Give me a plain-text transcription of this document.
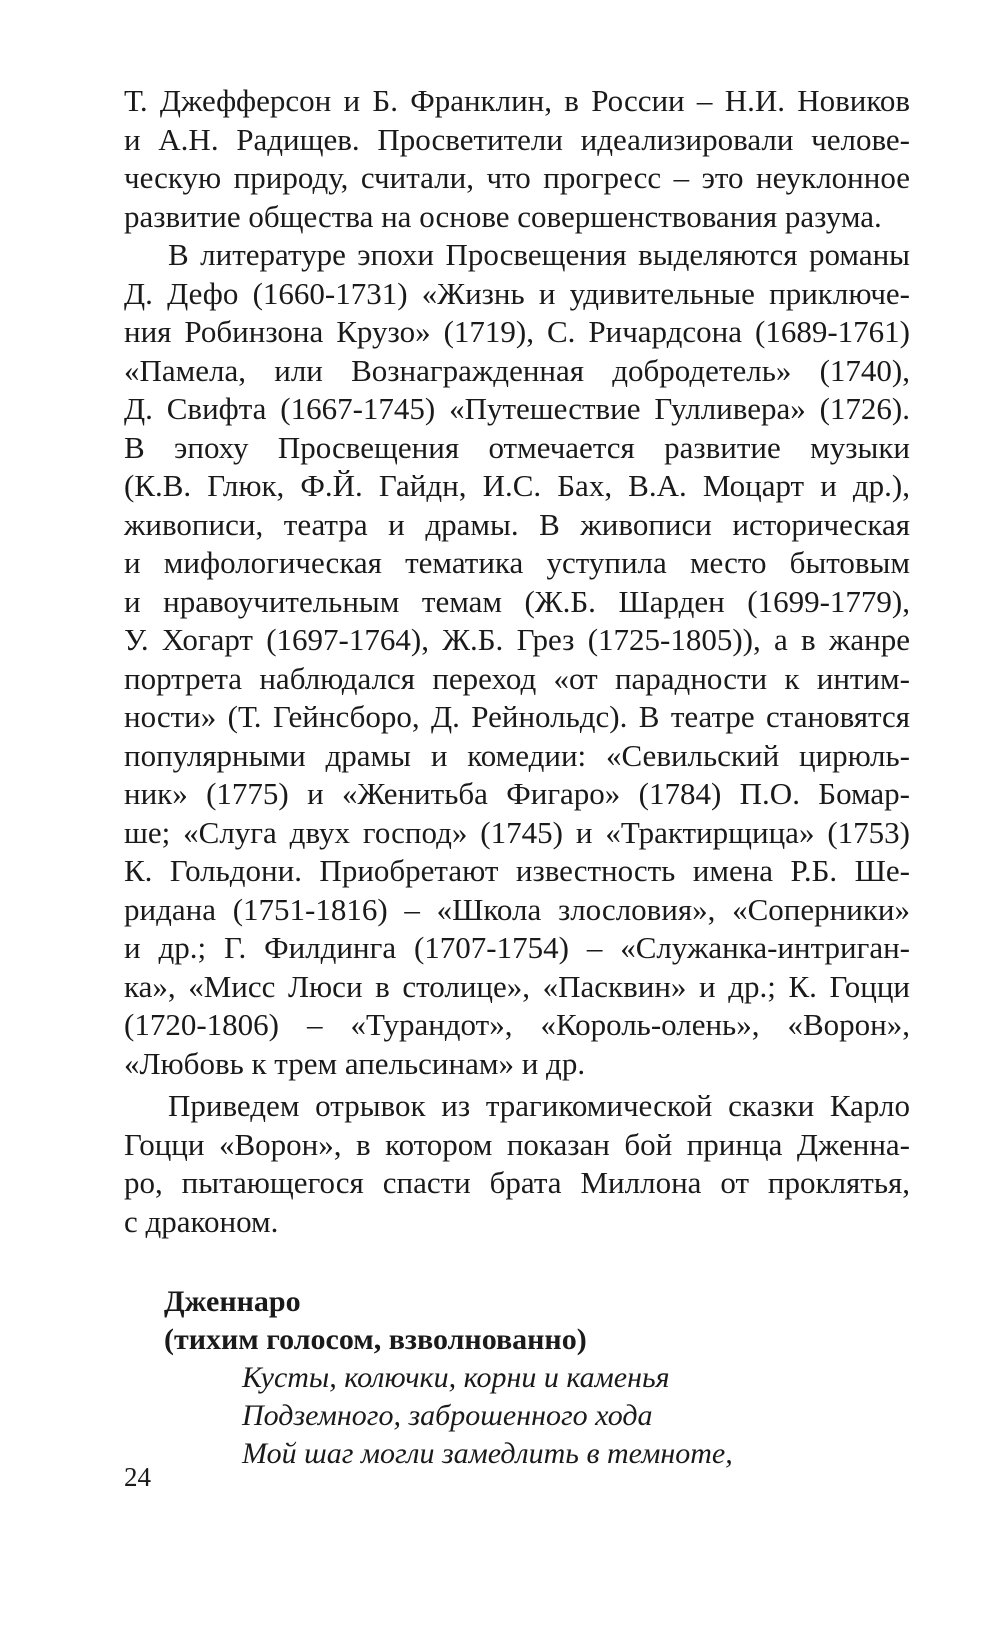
Т. Джефферсон и Б. Франклин, в России – Н.И. Новиков
и А.Н. Радищев. Просветители идеализировали челове-
ческую природу, считали, что прогресс – это неуклонное
развитие общества на основе совершенствования разума.
В литературе эпохи Просвещения выделяются романы
Д. Дефо (1660-1731) «Жизнь и удивительные приключе-
ния Робинзона Крузо» (1719), С. Ричардсона (1689-1761)
«Памела, или Вознагражденная добродетель» (1740),
Д. Свифта (1667-1745) «Путешествие Гулливера» (1726).
В эпоху Просвещения отмечается развитие музыки
(К.В. Глюк, Ф.Й. Гайдн, И.С. Бах, В.А. Моцарт и др.),
живописи, театра и драмы. В живописи историческая
и мифологическая тематика уступила место бытовым
и нравоучительным темам (Ж.Б. Шарден (1699-1779),
У. Хогарт (1697-1764), Ж.Б. Грез (1725-1805)), а в жанре
портрета наблюдался переход «от парадности к интим-
ности» (Т. Гейнсборо, Д. Рейнольдс). В театре становятся
популярными драмы и комедии: «Севильский цирюль-
ник» (1775) и «Женитьба Фигаро» (1784) П.О. Бомар-
ше; «Слуга двух господ» (1745) и «Трактирщица» (1753)
К. Гольдони. Приобретают известность имена Р.Б. Ше-
ридана (1751-1816) – «Школа злословия», «Соперники»
и др.; Г. Филдинга (1707-1754) – «Служанка-интриган-
ка», «Мисс Люси в столице», «Пасквин» и др.; К. Гоцци
(1720-1806) – «Турандот», «Король-олень», «Ворон»,
«Любовь к трем апельсинам» и др.
Приведем отрывок из трагикомической сказки Карло
Гоцци «Ворон», в котором показан бой принца Дженна-
ро, пытающегося спасти брата Миллона от проклятья,
с драконом.
Дженнаро
(тихим голосом, взволнованно)
Кусты, колючки, корни и каменья
Подземного, заброшенного хода
Мой шаг могли замедлить в темноте,
24
